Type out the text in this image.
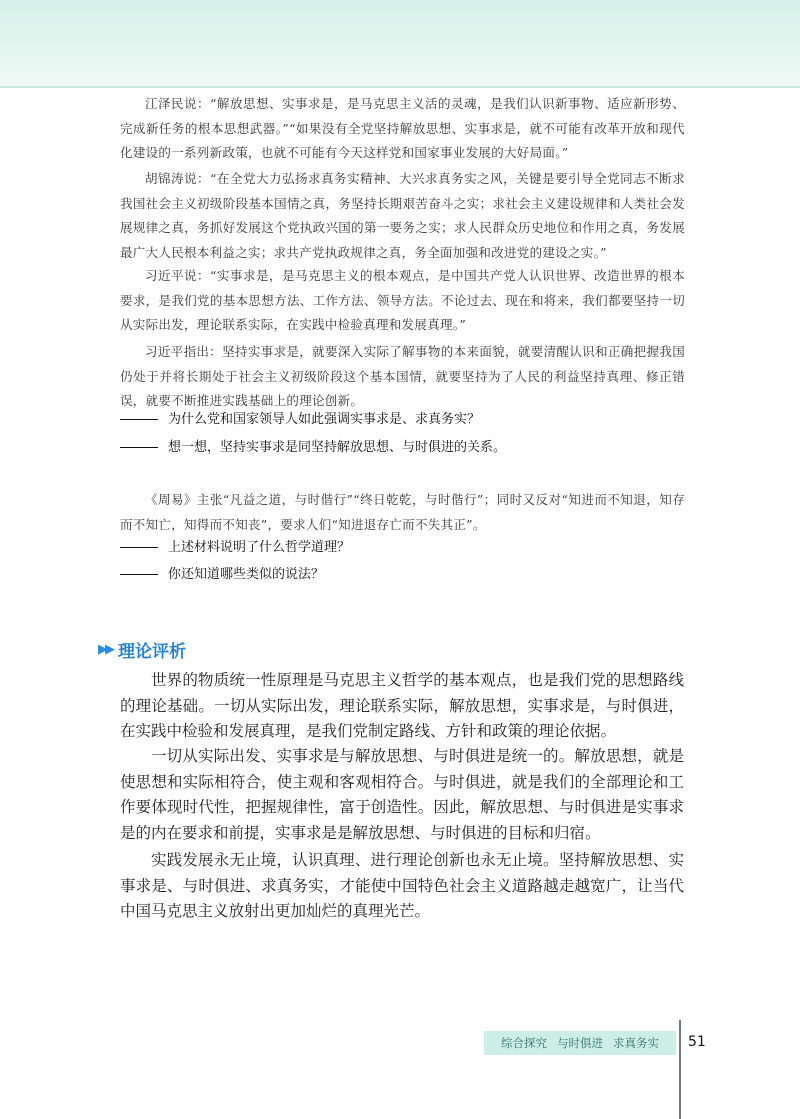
江泽民说：“解放思想、实事求是，是马克思主义活的灵魂，是我们认识新事物、适应新形势、完成新任务的根本思想武器。”“如果没有全党坚持解放思想、实事求是，就不可能有改革开放和现代化建设的一系列新政策，也就不可能有今天这样党和国家事业发展的大好局面。”

胡锦涛说：“在全党大力弘扬求真务实精神、大兴求真务实之风，关键是要引导全党同志不断求我国社会主义初级阶段基本国情之真，务坚持长期艰苦奋斗之实；求社会主义建设规律和人类社会发展规律之真，务抓好发展这个党执政兴国的第一要务之实；求人民群众历史地位和作用之真，务发展最广大人民根本利益之实；求共产党执政规律之真，务全面加强和改进党的建设之实。”

习近平说：“实事求是，是马克思主义的根本观点，是中国共产党人认识世界、改造世界的根本要求，是我们党的基本思想方法、工作方法、领导方法。不论过去、现在和将来，我们都要坚持一切从实际出发，理论联系实际，在实践中检验真理和发展真理。”

习近平指出：坚持实事求是，就要深入实际了解事物的本来面貌，就要清醒认识和正确把握我国仍处于并将长期处于社会主义初级阶段这个基本国情，就要坚持为了人民的利益坚持真理、修正错误，就要不断推进实践基础上的理论创新。

为什么党和国家领导人如此强调实事求是、求真务实？

想一想，坚持实事求是同坚持解放思想、与时俱进的关系。

《周易》主张“凡益之道，与时偕行”“终日乾乾，与时偕行”；同时又反对“知进而不知退，知存而不知亡，知得而不知丧”，要求人们“知进退存亡而不失其正”。

上述材料说明了什么哲学道理？

你还知道哪些类似的说法？

▶▶ 理论评析

世界的物质统一性原理是马克思主义哲学的基本观点，也是我们党的思想路线的理论基础。一切从实际出发，理论联系实际，解放思想，实事求是，与时俱进，在实践中检验和发展真理，是我们党制定路线、方针和政策的理论依据。

一切从实际出发、实事求是与解放思想、与时俱进是统一的。解放思想，就是使思想和实际相符合，使主观和客观相符合。与时俱进，就是我们的全部理论和工作要体现时代性，把握规律性，富于创造性。因此，解放思想、与时俱进是实事求是的内在要求和前提，实事求是是解放思想、与时俱进的目标和归宿。

实践发展永无止境，认识真理、进行理论创新也永无止境。坚持解放思想、实事求是、与时俱进、求真务实，才能使中国特色社会主义道路越走越宽广，让当代中国马克思主义放射出更加灿烂的真理光芒。

综合探究 与时俱进 求真务实 51
